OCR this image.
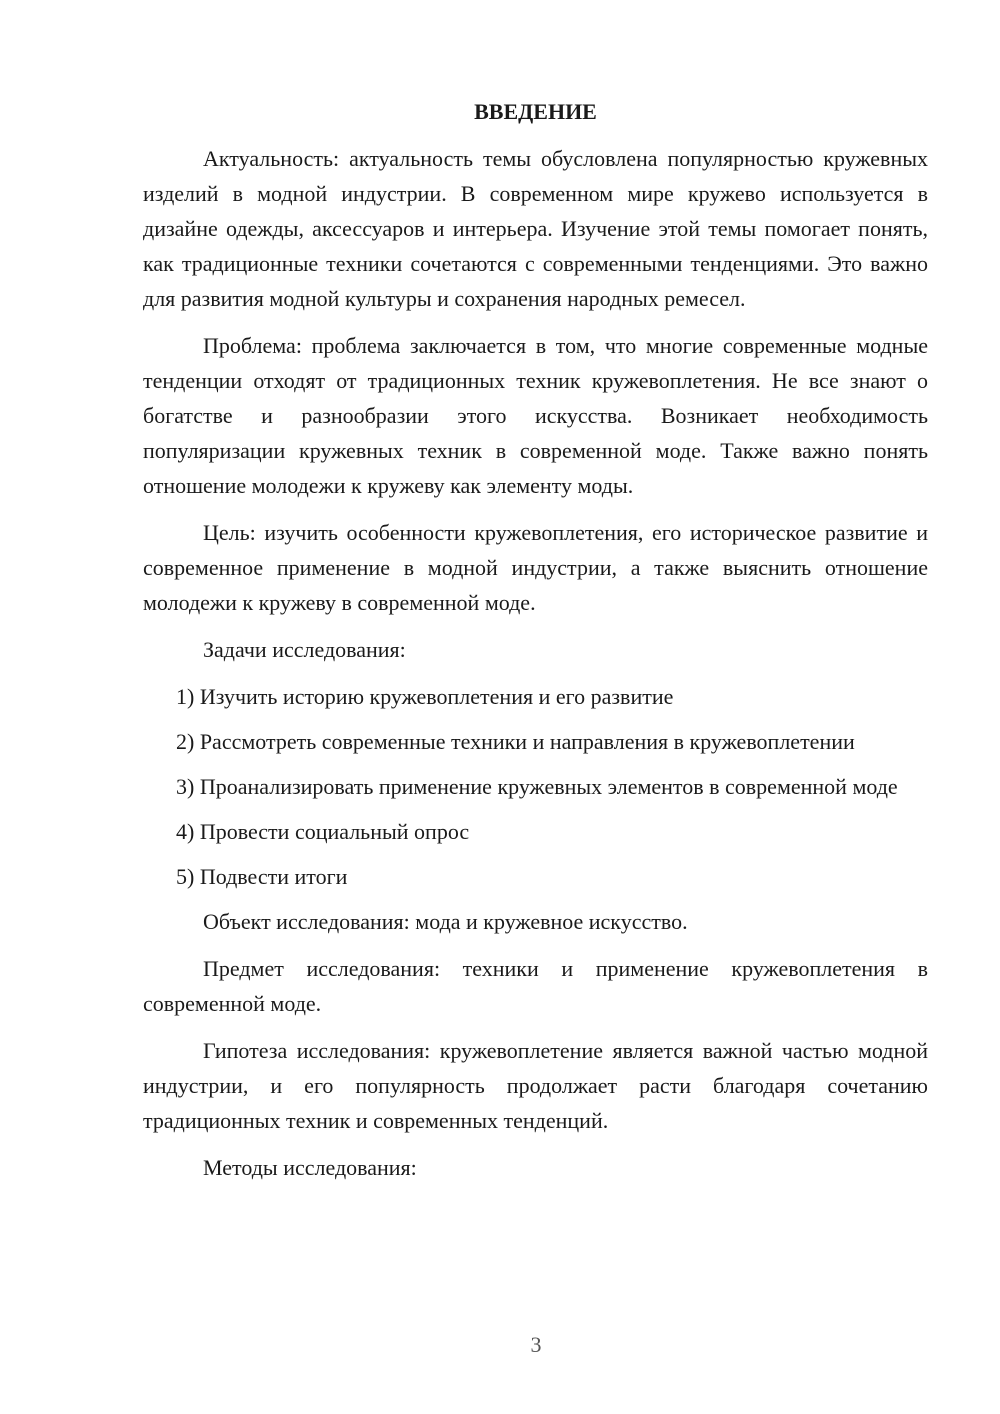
ВВЕДЕНИЕ
Актуальность: актуальность темы обусловлена популярностью кружевных изделий в модной индустрии. В современном мире кружево используется в дизайне одежды, аксессуаров и интерьера. Изучение этой темы помогает понять, как традиционные техники сочетаются с современными тенденциями. Это важно для развития модной культуры и сохранения народных ремесел.
Проблема: проблема заключается в том, что многие современные модные тенденции отходят от традиционных техник кружевоплетения. Не все знают о богатстве и разнообразии этого искусства. Возникает необходимость популяризации кружевных техник в современной моде. Также важно понять отношение молодежи к кружеву как элементу моды.
Цель: изучить особенности кружевоплетения, его историческое развитие и современное применение в модной индустрии, а также выяснить отношение молодежи к кружеву в современной моде.
Задачи исследования:
1) Изучить историю кружевоплетения и его развитие
2) Рассмотреть современные техники и направления в кружевоплетении
3) Проанализировать применение кружевных элементов в современной моде
4) Провести социальный опрос
5) Подвести итоги
Объект исследования: мода и кружевное искусство.
Предмет исследования: техники и применение кружевоплетения в современной моде.
Гипотеза исследования: кружевоплетение является важной частью модной индустрии, и его популярность продолжает расти благодаря сочетанию традиционных техник и современных тенденций.
Методы исследования:
3
